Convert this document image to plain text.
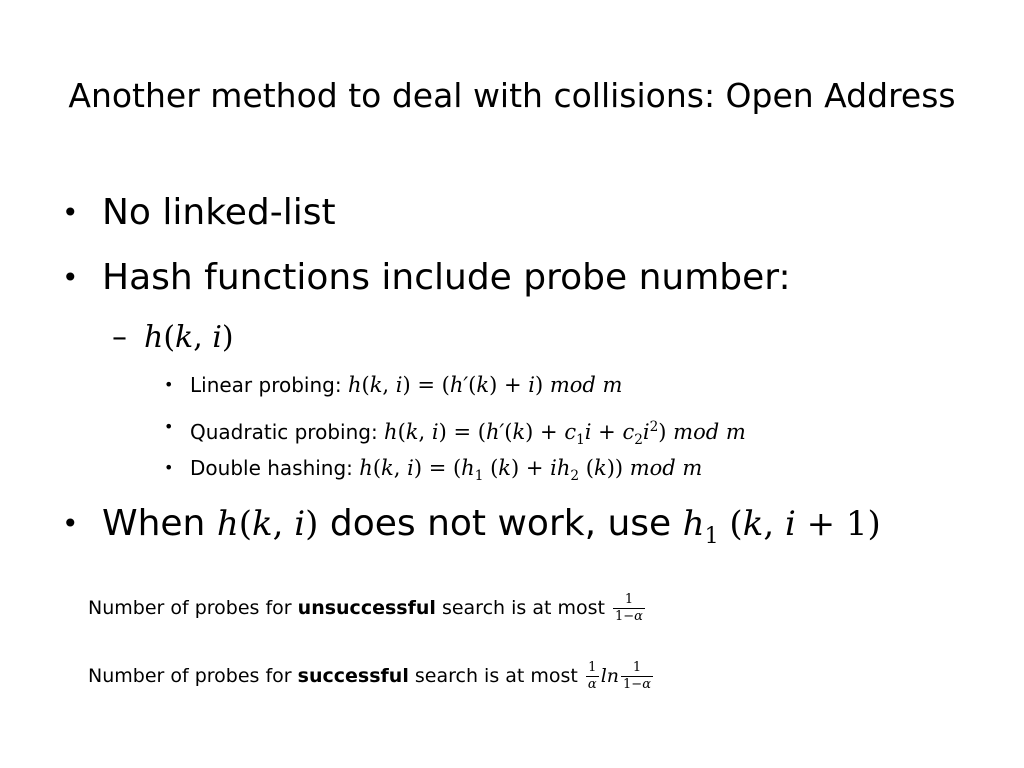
Another method to deal with collisions: Open Address
• No linked-list
• Hash functions include probe number:
– h(k, i)
• Linear probing: h(k, i) = (h′(k) + i) mod m
• Quadratic probing: h(k, $i) = (h'(k) + c_1i + c_2i^2)$ mod m
• Double hashing: h(k, $i) = (h_1$ $(k) + ih_2$ (k)) mod m
• When h(k, i) does not work, use $h_1$ (k, i + 1)
Number of probes for unsuccessful search is at most $\frac{1}{1-\alpha}$
Number of probes for successful search is at most $\frac{1}{\alpha}$ $\ln \frac{1}{1-\alpha}$
